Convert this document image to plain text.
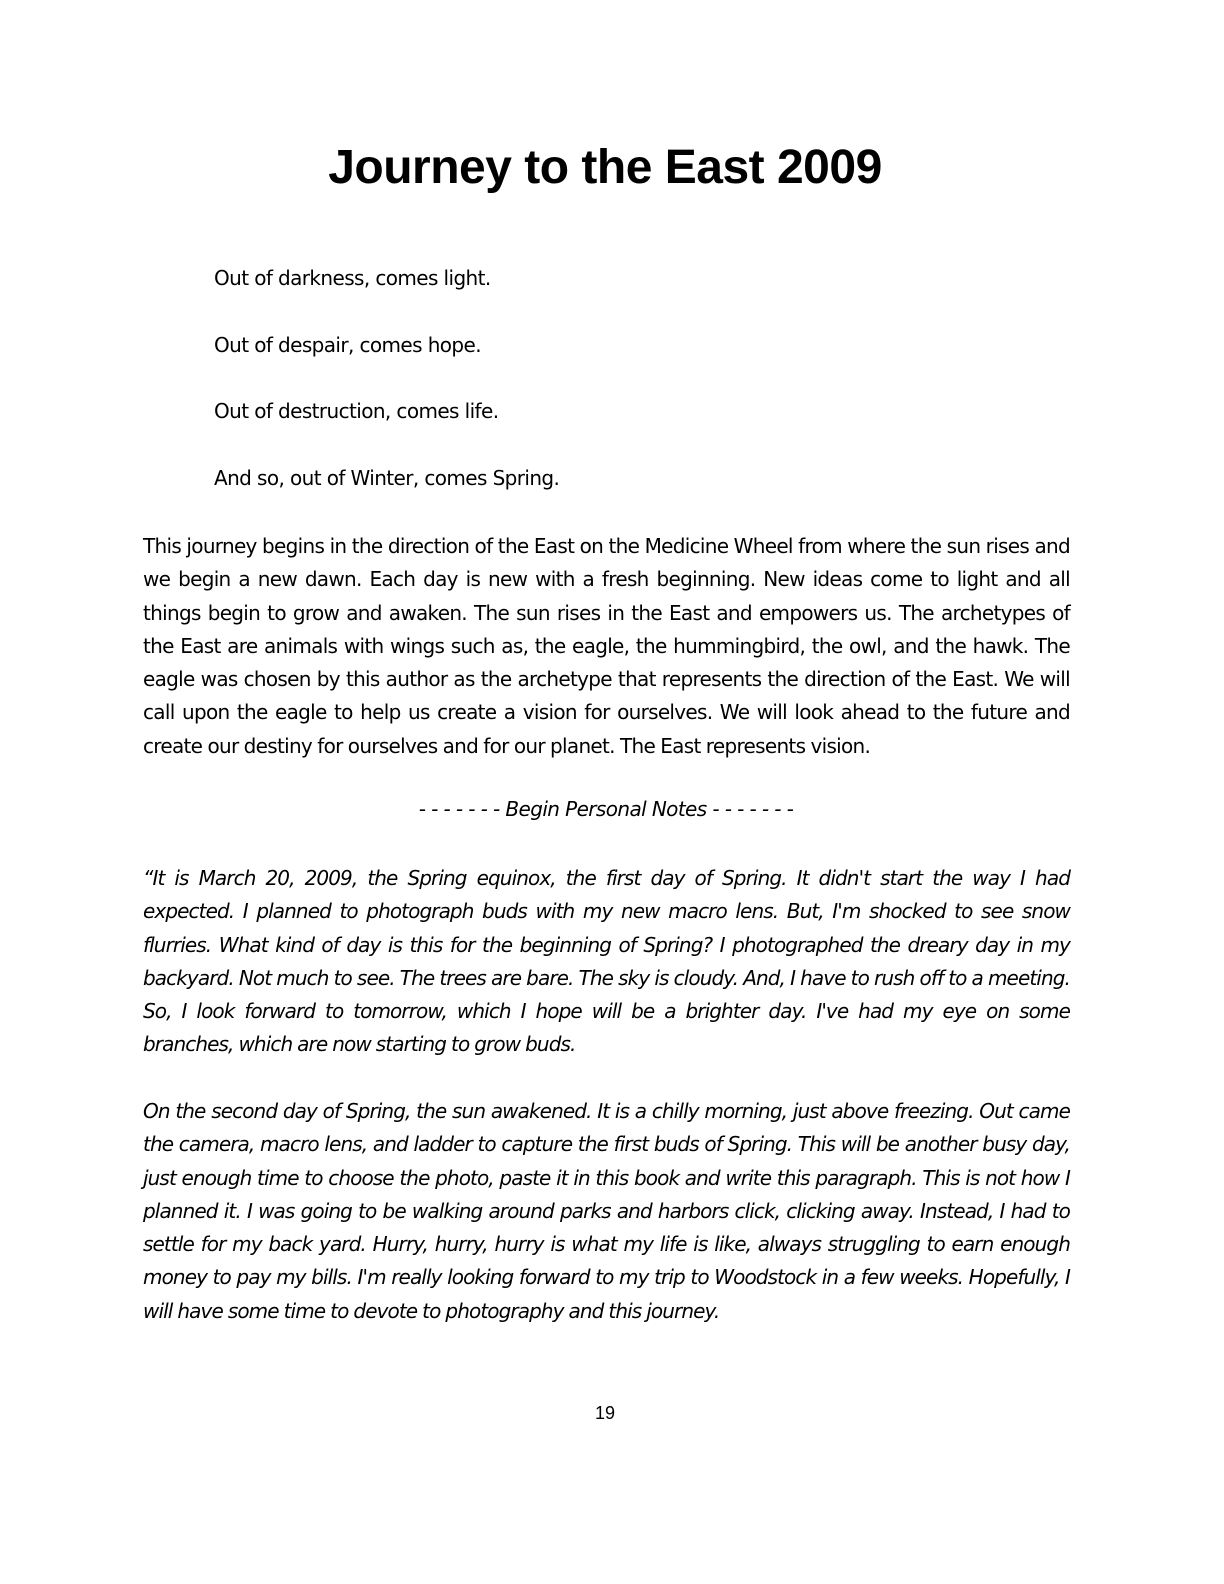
Journey to the East 2009

Out of darkness, comes light.

Out of despair, comes hope.

Out of destruction, comes life.

And so, out of Winter, comes Spring.

This journey begins in the direction of the East on the Medicine Wheel from where the sun rises and we begin a new dawn. Each day is new with a fresh beginning. New ideas come to light and all things begin to grow and awaken. The sun rises in the East and empowers us. The archetypes of the East are animals with wings such as, the eagle, the hummingbird, the owl, and the hawk. The eagle was chosen by this author as the archetype that represents the direction of the East. We will call upon the eagle to help us create a vision for ourselves. We will look ahead to the future and create our destiny for ourselves and for our planet. The East represents vision.

- - - - - - - Begin Personal Notes - - - - - - -

“It is March 20, 2009, the Spring equinox, the first day of Spring. It didn't start the way I had expected. I planned to photograph buds with my new macro lens. But, I'm shocked to see snow flurries. What kind of day is this for the beginning of Spring? I photographed the dreary day in my backyard. Not much to see. The trees are bare. The sky is cloudy. And, I have to rush off to a meeting. So, I look forward to tomorrow, which I hope will be a brighter day. I've had my eye on some branches, which are now starting to grow buds.

On the second day of Spring, the sun awakened. It is a chilly morning, just above freezing. Out came the camera, macro lens, and ladder to capture the first buds of Spring. This will be another busy day, just enough time to choose the photo, paste it in this book and write this paragraph. This is not how I planned it. I was going to be walking around parks and harbors click, clicking away. Instead, I had to settle for my back yard. Hurry, hurry, hurry is what my life is like, always struggling to earn enough money to pay my bills. I'm really looking forward to my trip to Woodstock in a few weeks. Hopefully, I will have some time to devote to photography and this journey.

19
